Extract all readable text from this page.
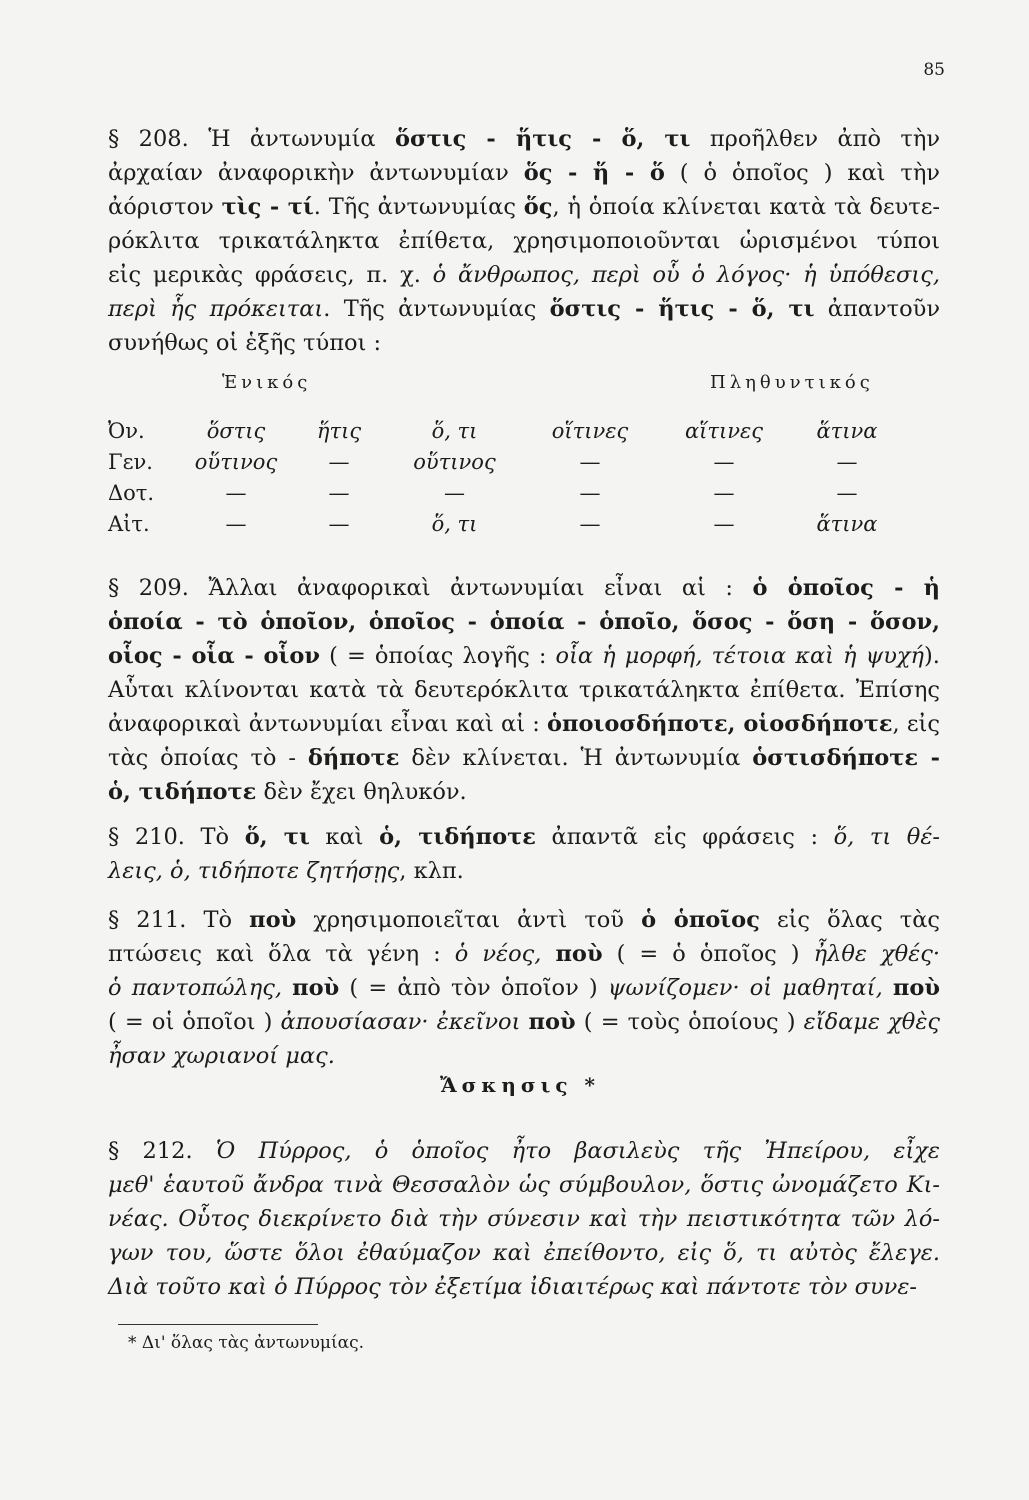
85
§ 208. Ἡ ἀντωνυμία ὅστις - ἥτις - ὅ, τι προῆλθεν ἀπὸ τὴν
ἀρχαίαν ἀναφορικὴν ἀντωνυμίαν ὅς - ἥ - ὅ ( ὁ ὁποῖος ) καὶ τὴν
ἀόριστον τὶς - τί. Τῆς ἀντωνυμίας ὅς, ἡ ὁποία κλίνεται κατὰ τὰ δευτε-
ρόκλιτα τρικατάληκτα ἐπίθετα, χρησιμοποιοῦνται ὡρισμένοι τύποι
εἰς μερικὰς φράσεις, π. χ. ὁ ἄνθρωπος, περὶ οὗ ὁ λόγος· ἡ ὑπόθεσις,
περὶ ἧς πρόκειται. Τῆς ἀντωνυμίας ὅστις - ἥτις - ὅ, τι ἀπαντοῦν
συνήθως οἱ ἑξῆς τύποι :
Ἑνικός	Πληθυντικός
Ὀν.	ὅστις	ἥτις	ὅ, τι	οἵτινες	αἵτινες	ἅτινα
Γεν.	οὕτινος	—	οὕτινος	—	—	—
Δοτ.	—	—	—	—	—	—
Αἰτ.	—	—	ὅ, τι	—	—	ἅτινα
§ 209. Ἄλλαι ἀναφορικαὶ ἀντωνυμίαι εἶναι αἱ : ὁ ὁποῖος - ἡ
ὁποία - τὸ ὁποῖον, ὁποῖος - ὁποία - ὁποῖο, ὅσος - ὅση - ὅσον,
οἷος - οἷα - οἷον ( = ὁποίας λογῆς : οἷα ἡ μορφή, τέτοια καὶ ἡ ψυχή).
Αὗται κλίνονται κατὰ τὰ δευτερόκλιτα τρικατάληκτα ἐπίθετα. Ἐπίσης
ἀναφορικαὶ ἀντωνυμίαι εἶναι καὶ αἱ : ὁποιοσδήποτε, οἱοσδήποτε, εἰς
τὰς ὁποίας τὸ - δήποτε δὲν κλίνεται. Ἡ ἀντωνυμία ὁστισδήποτε -
ὁ, τιδήποτε δὲν ἔχει θηλυκόν.
§ 210. Τὸ ὅ, τι καὶ ὁ, τιδήποτε ἀπαντᾶ εἰς φράσεις : ὅ, τι θέ-
λεις, ὁ, τιδήποτε ζητήσῃς, κλπ.
§ 211. Τὸ ποὺ χρησιμοποιεῖται ἀντὶ τοῦ ὁ ὁποῖος εἰς ὅλας τὰς
πτώσεις καὶ ὅλα τὰ γένη : ὁ νέος, ποὺ ( = ὁ ὁποῖος ) ἦλθε χθές·
ὁ παντοπώλης, ποὺ ( = ἀπὸ τὸν ὁποῖον ) ψωνίζομεν· οἱ μαθηταί, ποὺ
( = οἱ ὁποῖοι ) ἀπουσίασαν· ἐκεῖνοι ποὺ ( = τοὺς ὁποίους ) εἴδαμε χθὲς
ἦσαν χωριανοί μας.
Ἄσκησις *
§ 212. Ὁ Πύρρος, ὁ ὁποῖος ἦτο βασιλεὺς τῆς Ἠπείρου, εἶχε
μεθ' ἑαυτοῦ ἄνδρα τινὰ Θεσσαλὸν ὡς σύμβουλον, ὅστις ὠνομάζετο Κι-
νέας. Οὗτος διεκρίνετο διὰ τὴν σύνεσιν καὶ τὴν πειστικότητα τῶν λό-
γων του, ὥστε ὅλοι ἐθαύμαζον καὶ ἐπείθοντο, εἰς ὅ, τι αὐτὸς ἔλεγε.
Διὰ τοῦτο καὶ ὁ Πύρρος τὸν ἐξετίμα ἰδιαιτέρως καὶ πάντοτε τὸν συνε-
* Δι' ὅλας τὰς ἀντωνυμίας.
